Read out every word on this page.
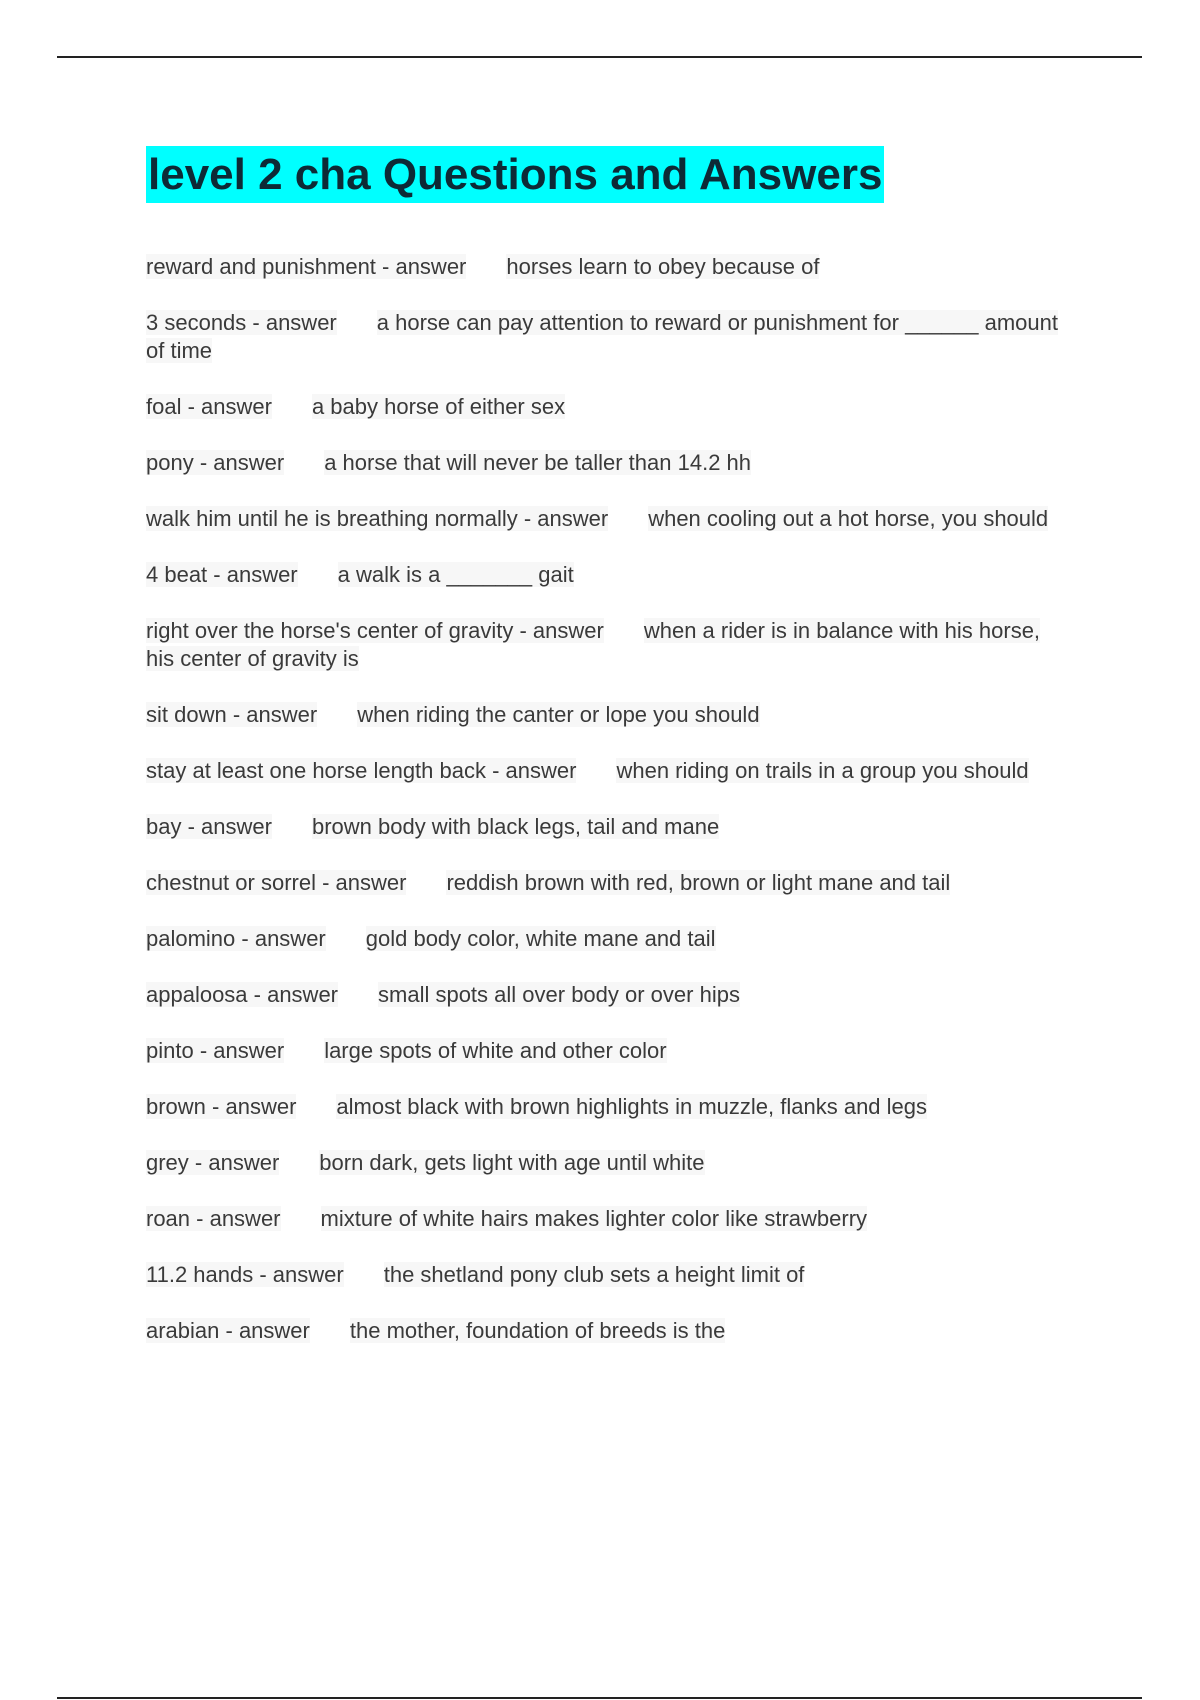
level 2 cha Questions and Answers

reward and punishment - answer horses learn to obey because of

3 seconds - answer a horse can pay attention to reward or punishment for ______ amount of time

foal - answer a baby horse of either sex

pony - answer a horse that will never be taller than 14.2 hh

walk him until he is breathing normally - answer when cooling out a hot horse, you should

4 beat - answer a walk is a _______ gait

right over the horse's center of gravity - answer when a rider is in balance with his horse, his center of gravity is

sit down - answer when riding the canter or lope you should

stay at least one horse length back - answer when riding on trails in a group you should

bay - answer brown body with black legs, tail and mane

chestnut or sorrel - answer reddish brown with red, brown or light mane and tail

palomino - answer gold body color, white mane and tail

appaloosa - answer small spots all over body or over hips

pinto - answer large spots of white and other color

brown - answer almost black with brown highlights in muzzle, flanks and legs

grey - answer born dark, gets light with age until white

roan - answer mixture of white hairs makes lighter color like strawberry

11.2 hands - answer the shetland pony club sets a height limit of

arabian - answer the mother, foundation of breeds is the
